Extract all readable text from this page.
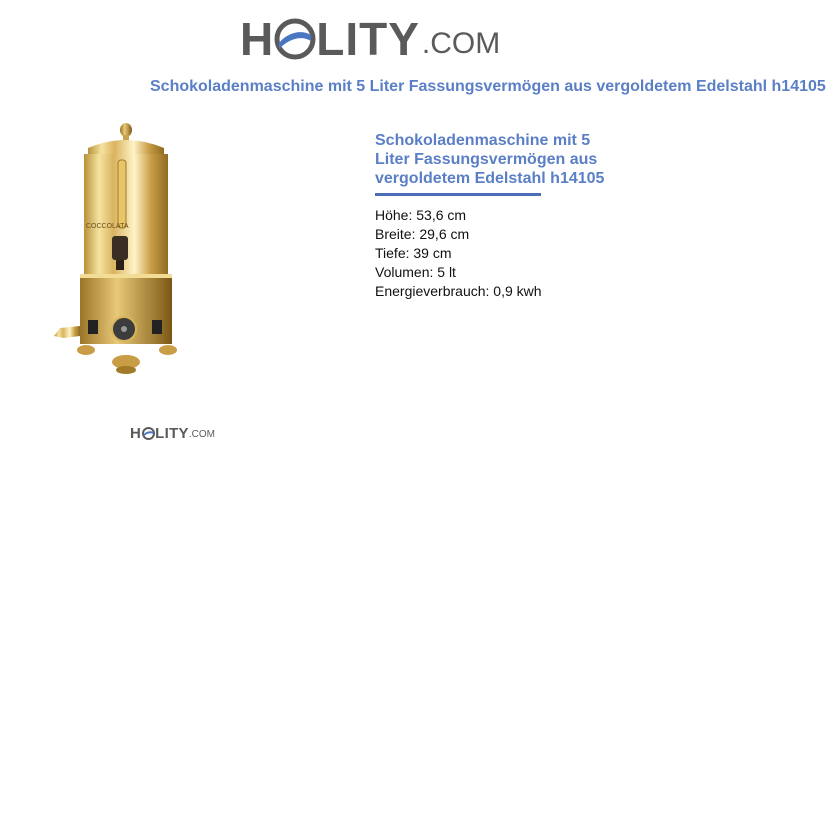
H LITY .COM
Schokoladenmaschine mit 5 Liter Fassungsvermögen aus vergoldetem Edelstahl h14105
COCCOLATA
H LITY .COM
Schokoladenmaschine mit 5 Liter Fassungsvermögen aus vergoldetem Edelstahl h14105
Höhe: 53,6 cm
Breite: 29,6 cm
Tiefe: 39 cm
Volumen: 5 lt
Energieverbrauch: 0,9 kwh
